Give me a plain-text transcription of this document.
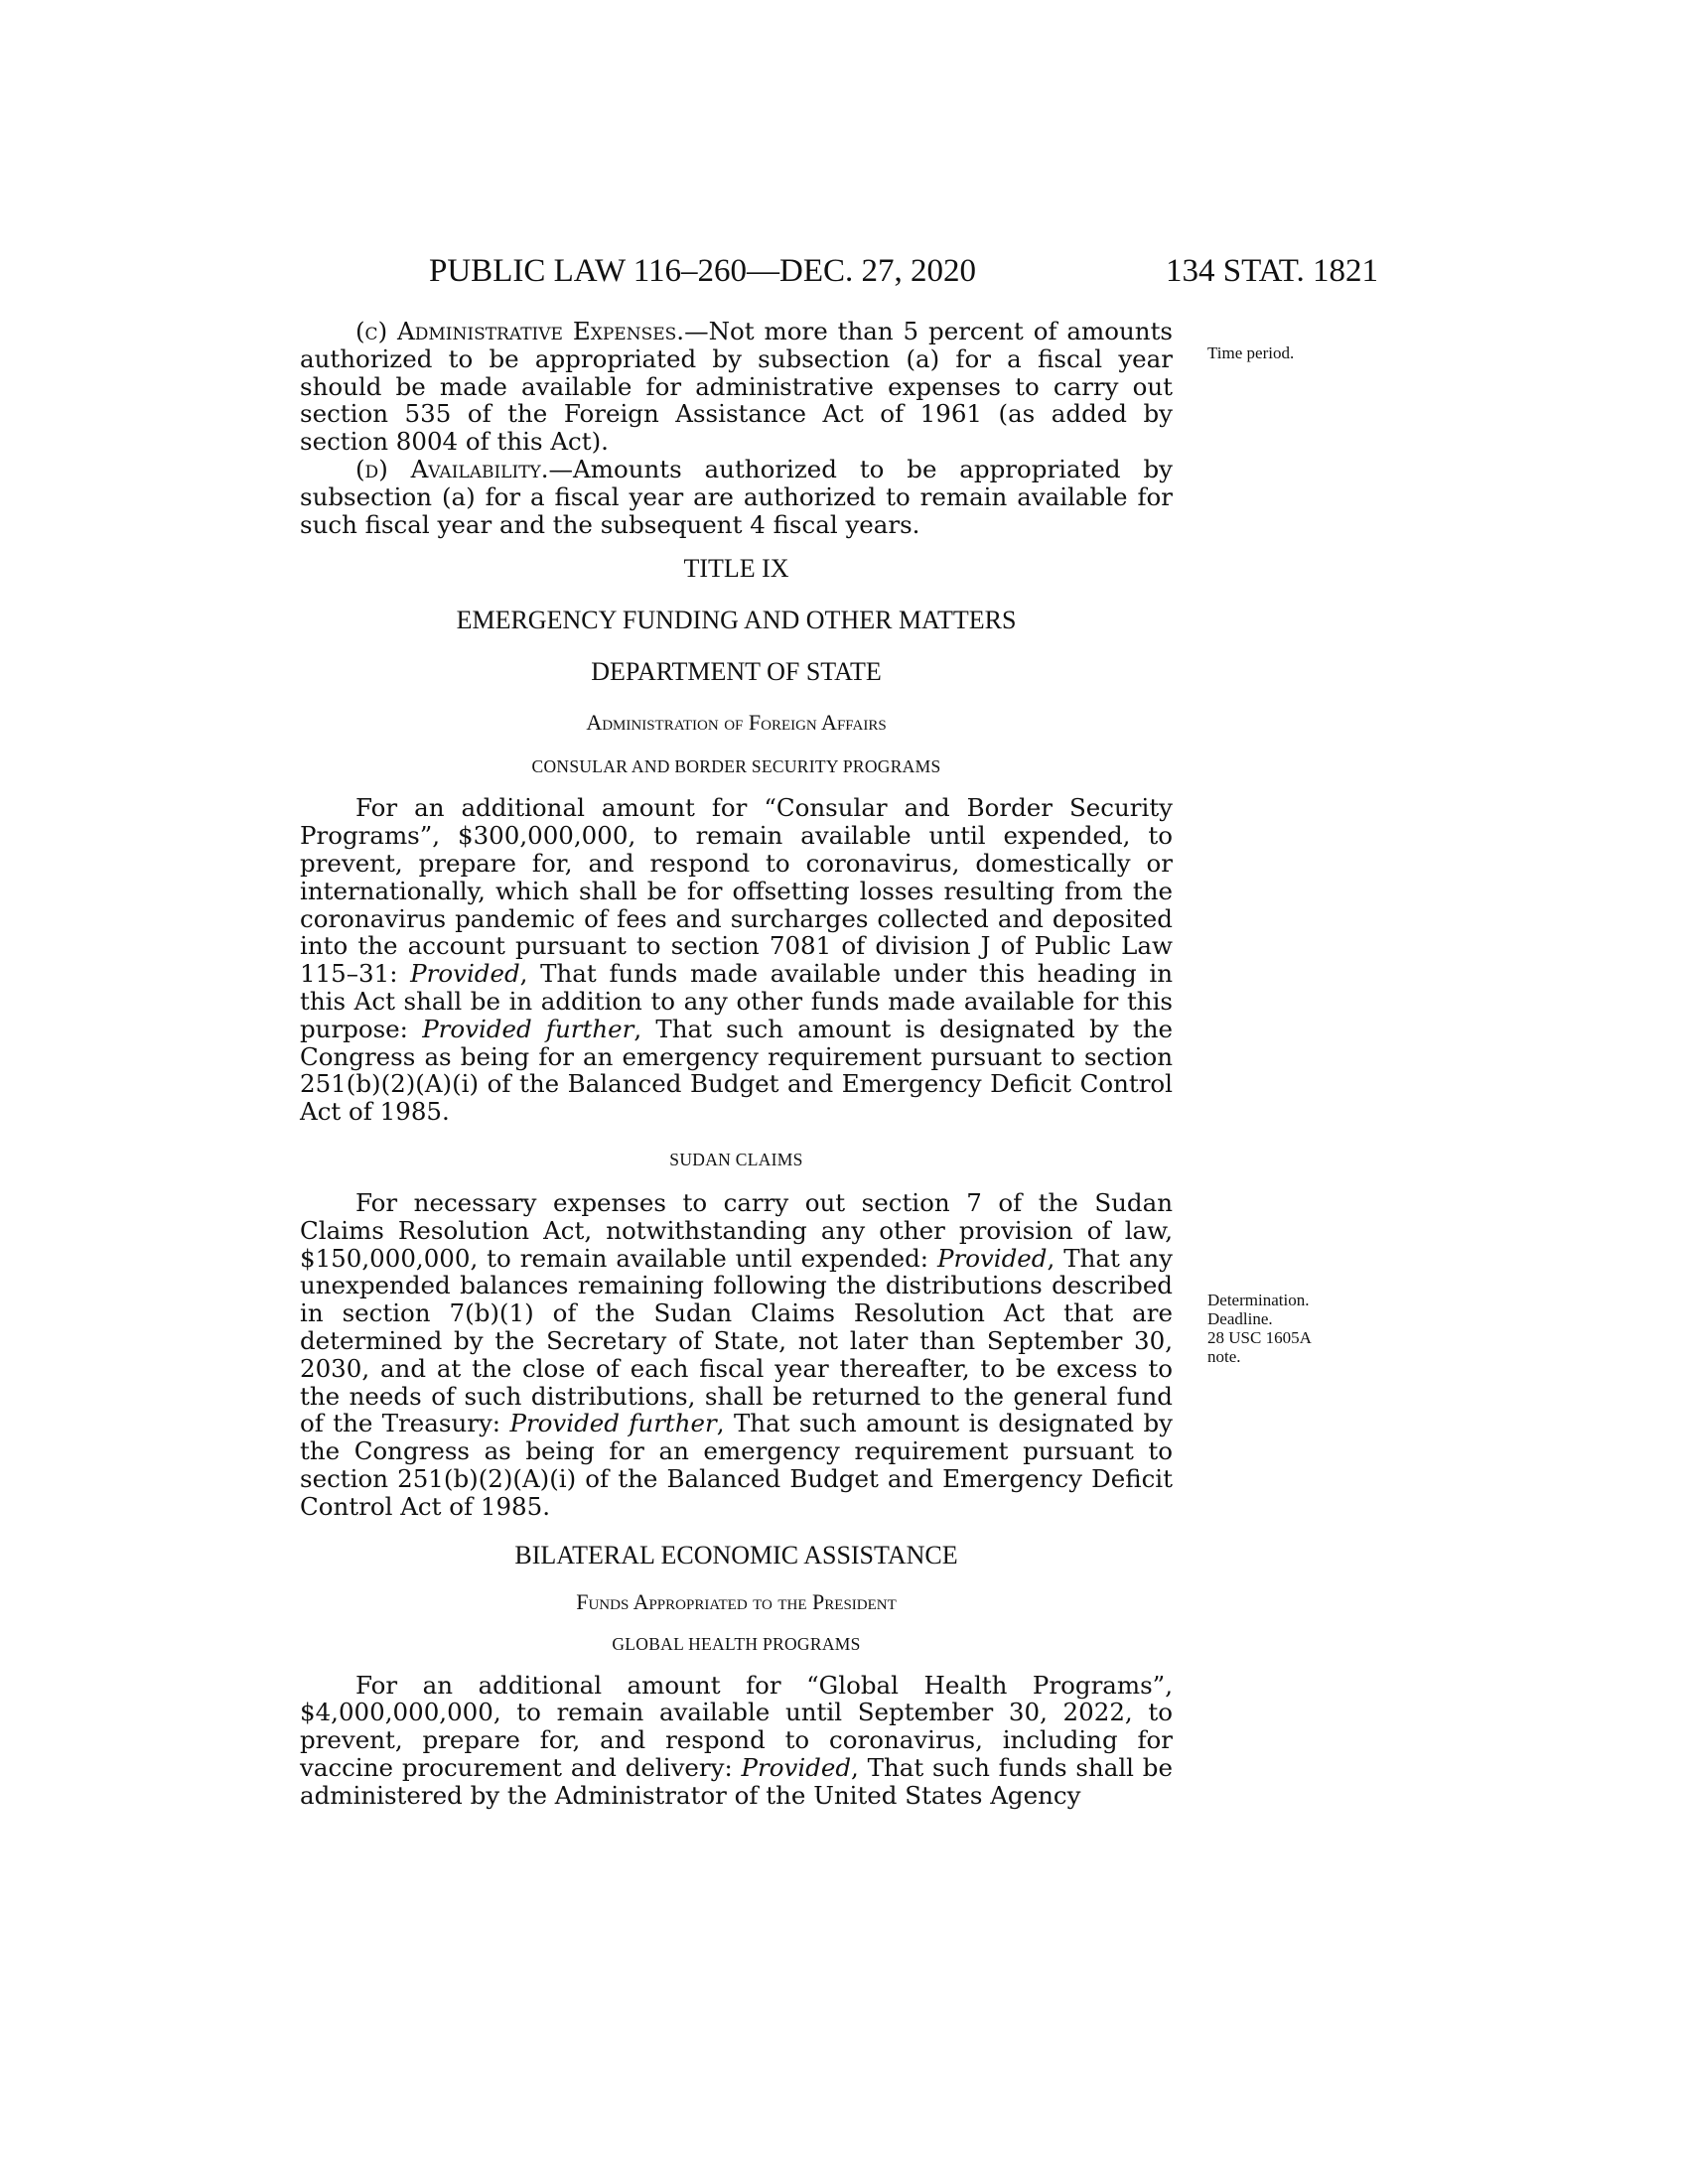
PUBLIC LAW 116–260—DEC. 27, 2020	134 STAT. 1821
Time period.
Determination.
Deadline.
28 USC 1605A
note.

(c) Administrative Expenses.—Not more than 5 percent of amounts authorized to be appropriated by subsection (a) for a fiscal year should be made available for administrative expenses to carry out section 535 of the Foreign Assistance Act of 1961 (as added by section 8004 of this Act).

(d) Availability.—Amounts authorized to be appropriated by subsection (a) for a fiscal year are authorized to remain available for such fiscal year and the subsequent 4 fiscal years.

TITLE IX

EMERGENCY FUNDING AND OTHER MATTERS

DEPARTMENT OF STATE

Administration of Foreign Affairs

CONSULAR AND BORDER SECURITY PROGRAMS

For an additional amount for “Consular and Border Security Programs”, $300,000,000, to remain available until expended, to prevent, prepare for, and respond to coronavirus, domestically or internationally, which shall be for offsetting losses resulting from the coronavirus pandemic of fees and surcharges collected and deposited into the account pursuant to section 7081 of division J of Public Law 115–31: Provided, That funds made available under this heading in this Act shall be in addition to any other funds made available for this purpose: Provided further, That such amount is designated by the Congress as being for an emergency requirement pursuant to section 251(b)(2)(A)(i) of the Balanced Budget and Emergency Deficit Control Act of 1985.

SUDAN CLAIMS

For necessary expenses to carry out section 7 of the Sudan Claims Resolution Act, notwithstanding any other provision of law, $150,000,000, to remain available until expended: Provided, That any unexpended balances remaining following the distributions described in section 7(b)(1) of the Sudan Claims Resolution Act that are determined by the Secretary of State, not later than September 30, 2030, and at the close of each fiscal year thereafter, to be excess to the needs of such distributions, shall be returned to the general fund of the Treasury: Provided further, That such amount is designated by the Congress as being for an emergency requirement pursuant to section 251(b)(2)(A)(i) of the Balanced Budget and Emergency Deficit Control Act of 1985.

BILATERAL ECONOMIC ASSISTANCE

Funds Appropriated to the President

GLOBAL HEALTH PROGRAMS

For an additional amount for “Global Health Programs”, $4,000,000,000, to remain available until September 30, 2022, to prevent, prepare for, and respond to coronavirus, including for vaccine procurement and delivery: Provided, That such funds shall be administered by the Administrator of the United States Agency
